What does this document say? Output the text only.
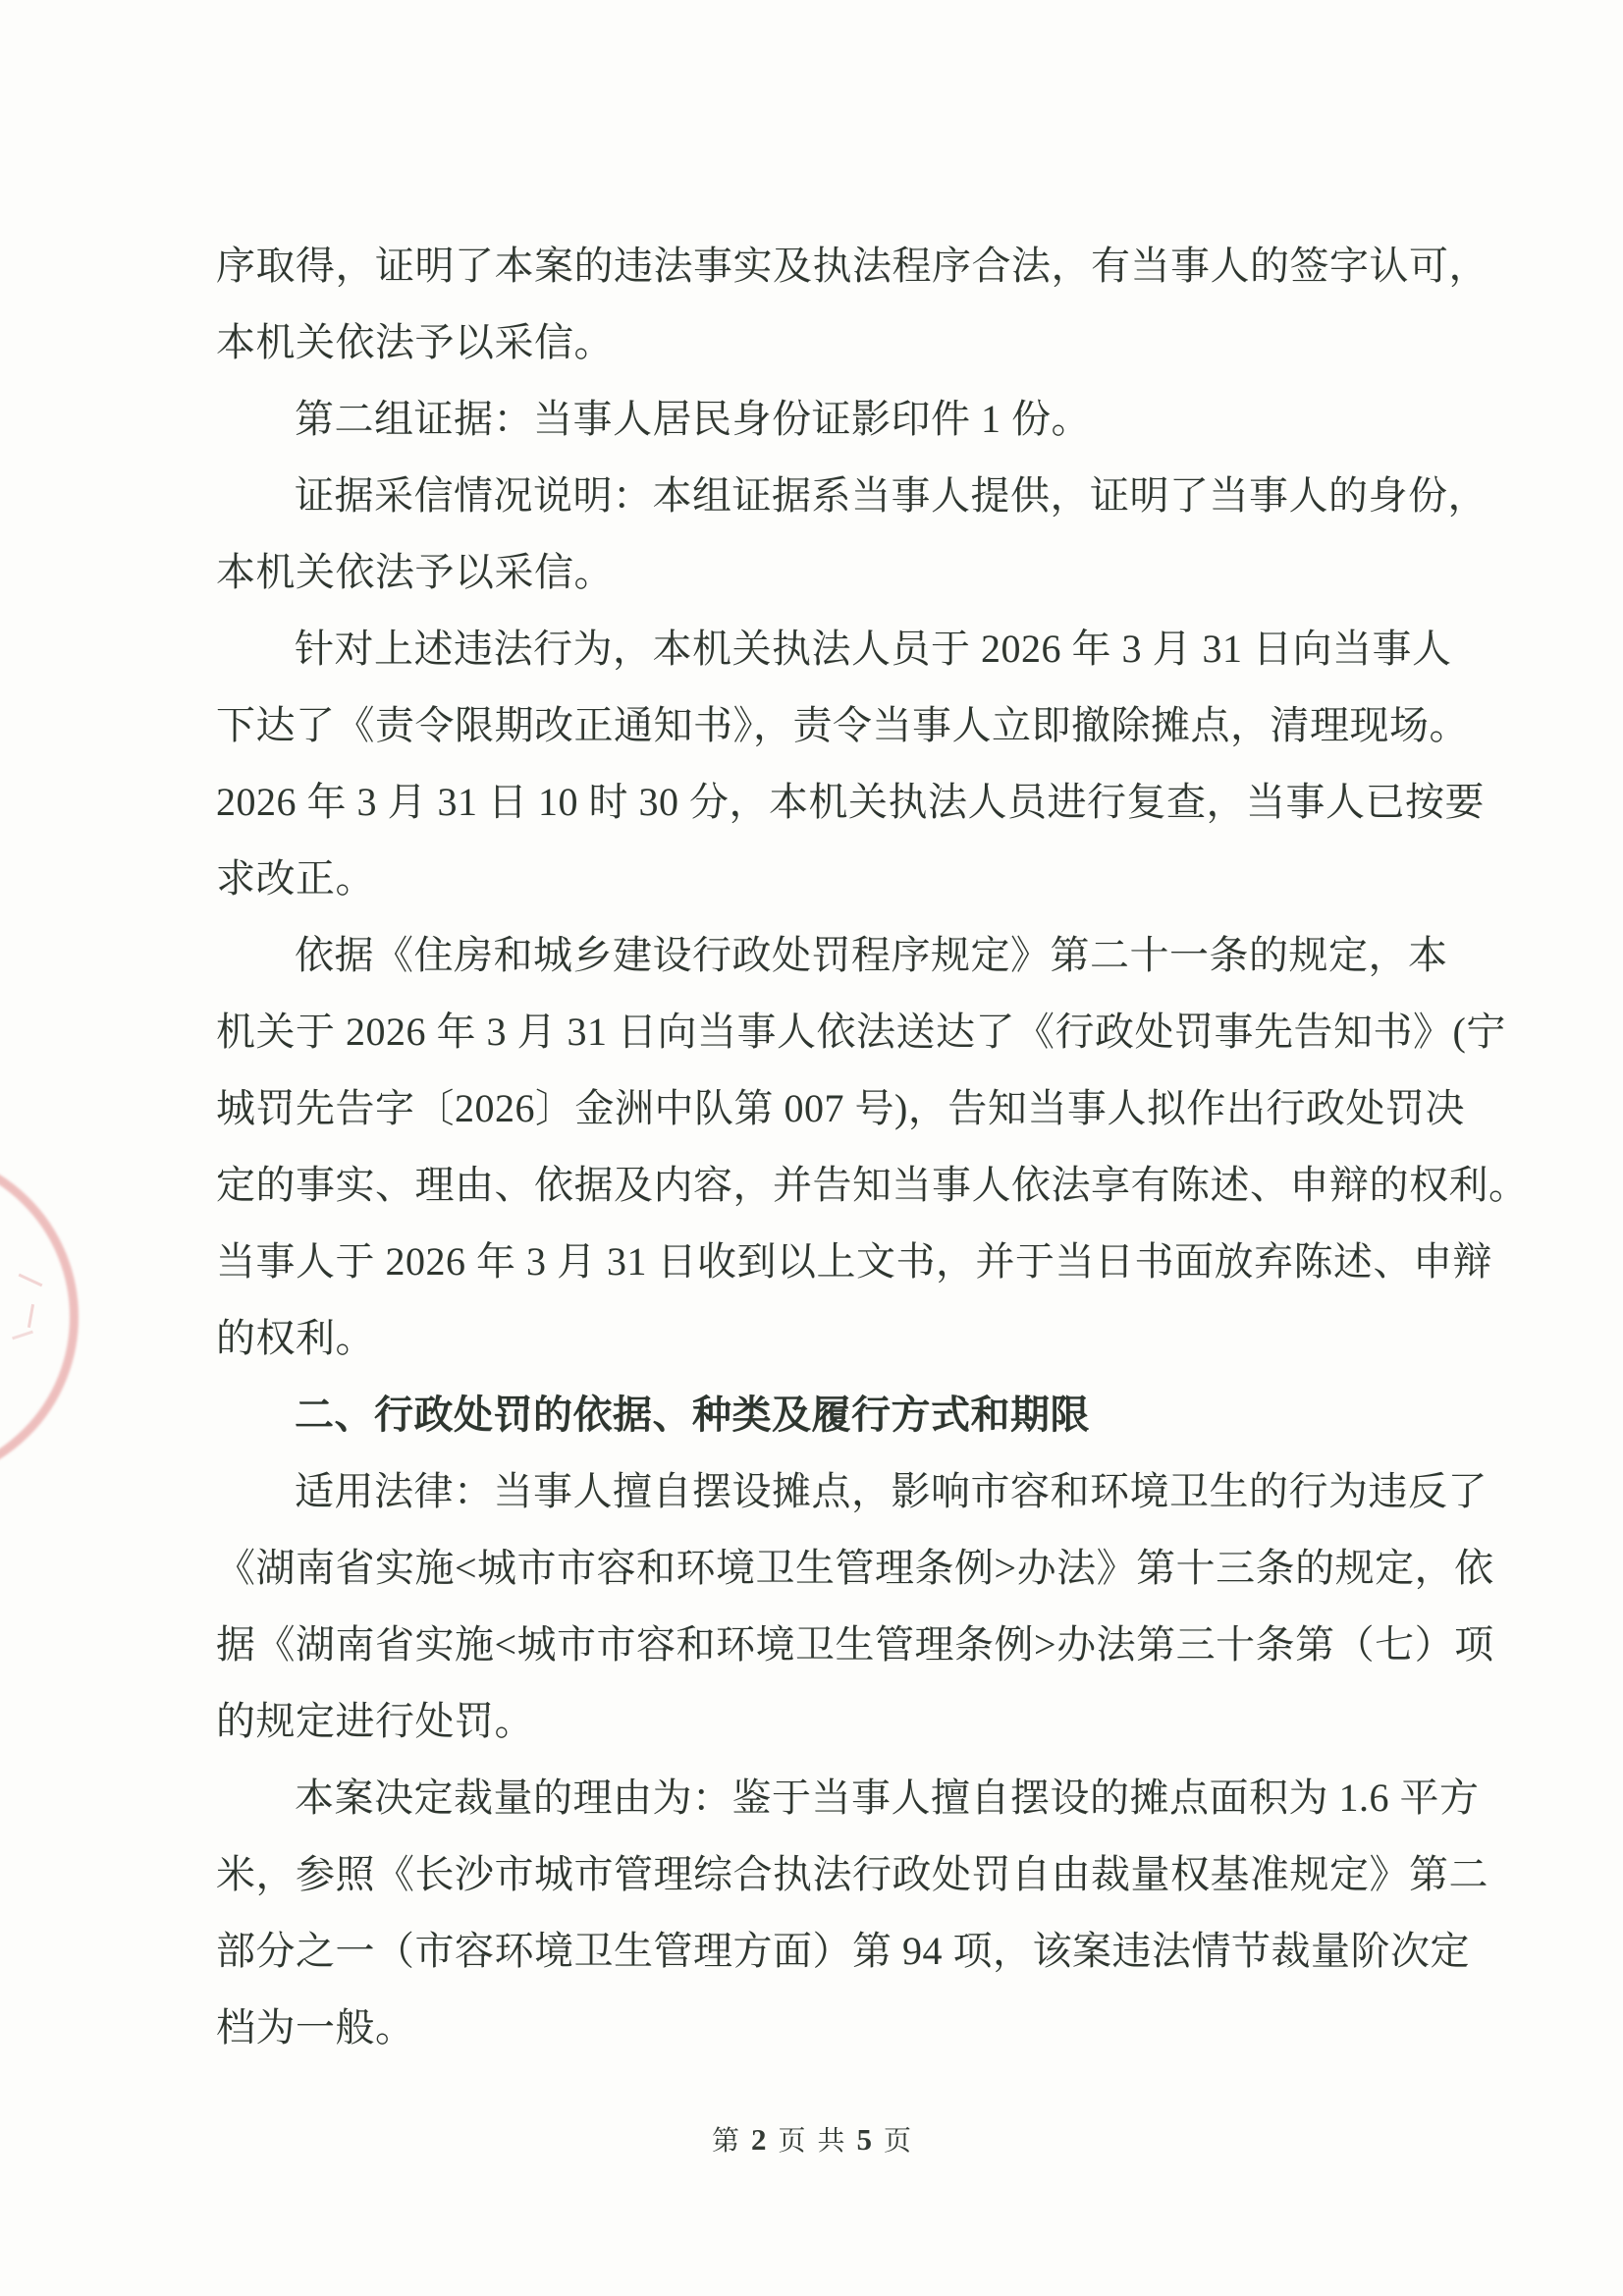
序取得，证明了本案的违法事实及执法程序合法，有当事人的签字认可，
本机关依法予以采信。
第二组证据：当事人居民身份证影印件 1 份。
证据采信情况说明：本组证据系当事人提供，证明了当事人的身份，
本机关依法予以采信。
针对上述违法行为，本机关执法人员于 2026 年 3 月 31 日向当事人
下达了《责令限期改正通知书》，责令当事人立即撤除摊点，清理现场。
2026 年 3 月 31 日 10 时 30 分，本机关执法人员进行复查，当事人已按要
求改正。
依据《住房和城乡建设行政处罚程序规定》第二十一条的规定，本
机关于 2026 年 3 月 31 日向当事人依法送达了《行政处罚事先告知书》(宁
城罚先告字〔2026〕金洲中队第 007 号)，告知当事人拟作出行政处罚决
定的事实、理由、依据及内容，并告知当事人依法享有陈述、申辩的权利。
当事人于 2026 年 3 月 31 日收到以上文书，并于当日书面放弃陈述、申辩
的权利。
二、行政处罚的依据、种类及履行方式和期限
适用法律：当事人擅自摆设摊点，影响市容和环境卫生的行为违反了
《湖南省实施<城市市容和环境卫生管理条例>办法》第十三条的规定，依
据《湖南省实施<城市市容和环境卫生管理条例>办法第三十条第（七）项
的规定进行处罚。
本案决定裁量的理由为：鉴于当事人擅自摆设的摊点面积为 1.6 平方
米，参照《长沙市城市管理综合执法行政处罚自由裁量权基准规定》第二
部分之一（市容环境卫生管理方面）第 94 项，该案违法情节裁量阶次定
档为一般。
第 2 页 共 5 页
